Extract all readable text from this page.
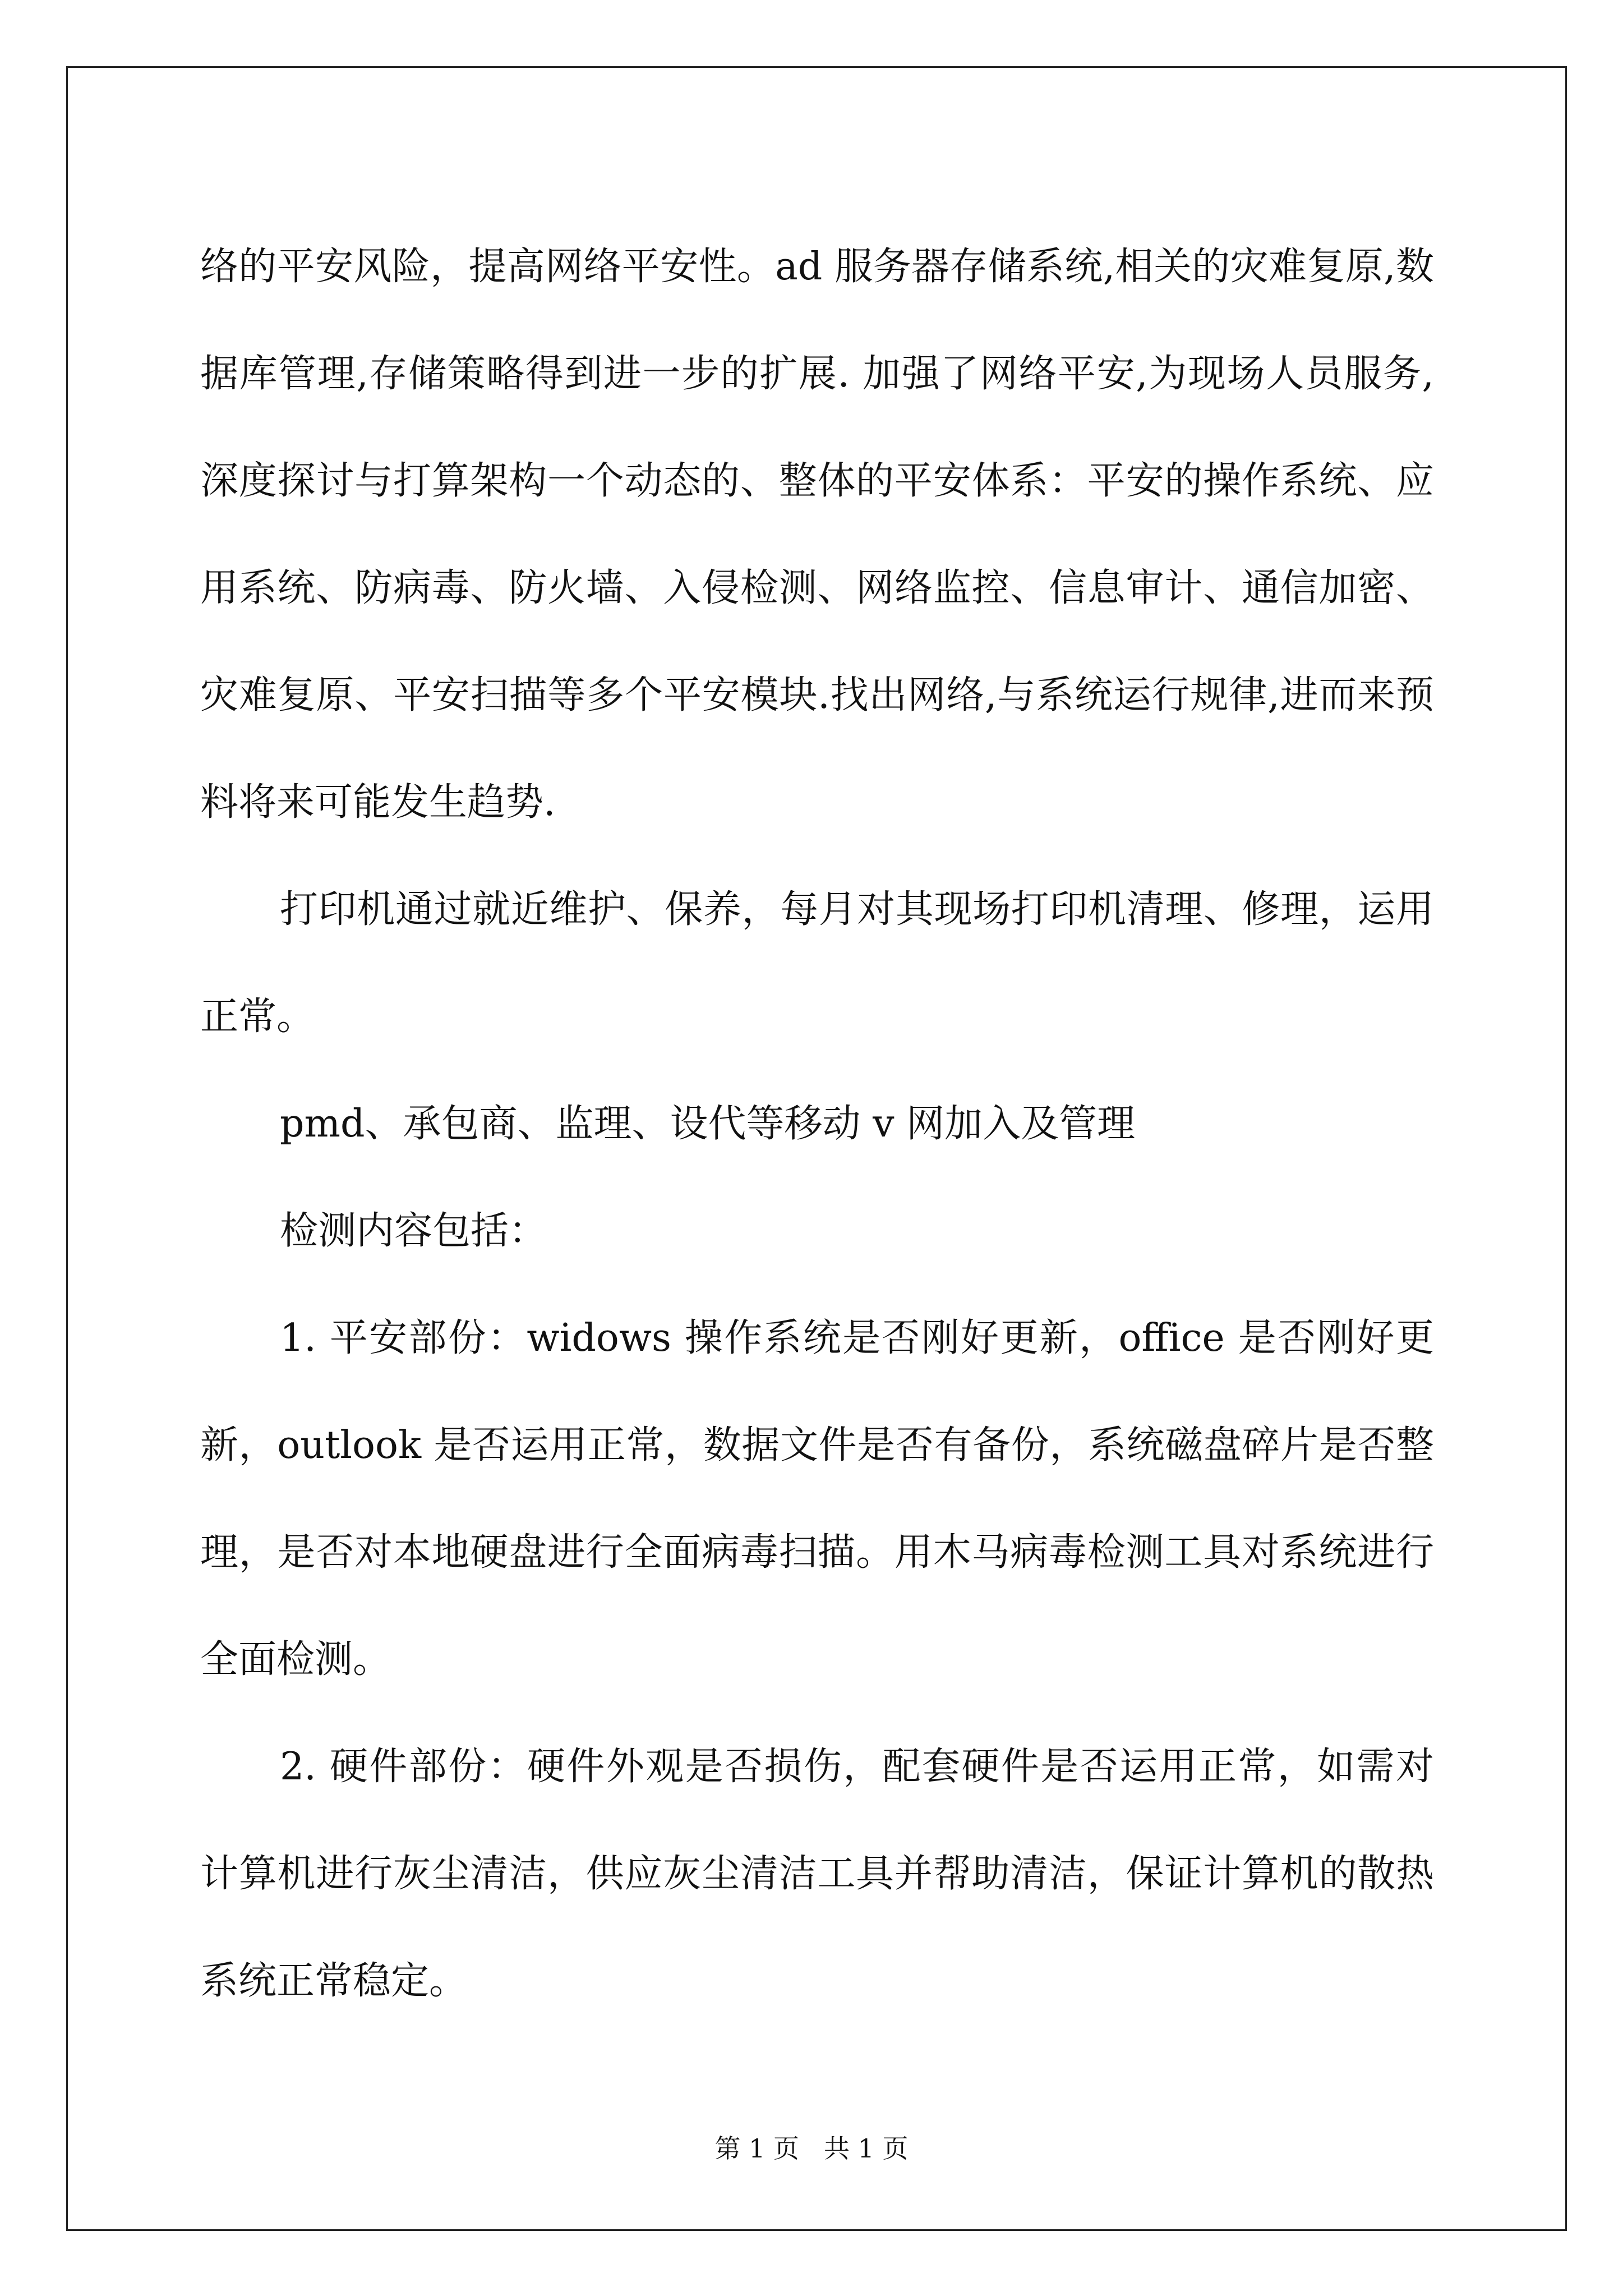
络的平安风险，提高网络平安性。ad 服务器存储系统,相关的灾难复原,数据库管理,存储策略得到进一步的扩展. 加强了网络平安,为现场人员服务,深度探讨与打算架构一个动态的、整体的平安体系：平安的操作系统、应用系统、防病毒、防火墙、入侵检测、网络监控、信息审计、通信加密、灾难复原、平安扫描等多个平安模块.找出网络,与系统运行规律,进而来预料将来可能发生趋势.

打印机通过就近维护、保养，每月对其现场打印机清理、修理，运用正常。

pmd、承包商、监理、设代等移动 v 网加入及管理

检测内容包括：

1. 平安部份：widows 操作系统是否刚好更新，office 是否刚好更新，outlook 是否运用正常，数据文件是否有备份，系统磁盘碎片是否整理，是否对本地硬盘进行全面病毒扫描。用木马病毒检测工具对系统进行全面检测。

2. 硬件部份：硬件外观是否损伤，配套硬件是否运用正常，如需对计算机进行灰尘清洁，供应灰尘清洁工具并帮助清洁，保证计算机的散热系统正常稳定。

第 1 页 共 1 页
